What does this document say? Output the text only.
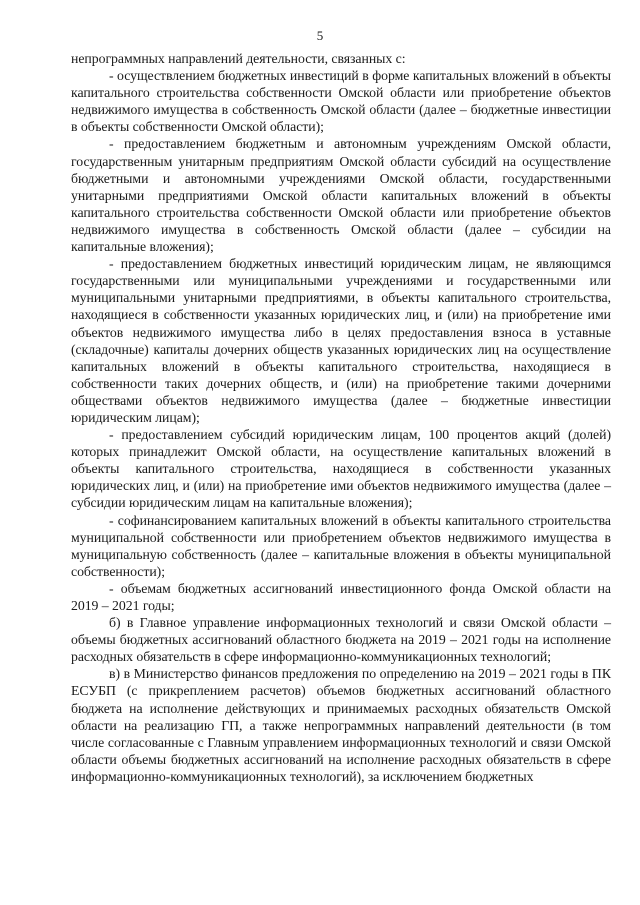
5

непрограммных направлений деятельности, связанных с:

- осуществлением бюджетных инвестиций в форме капитальных вложений в объекты капитального строительства собственности Омской области или приобретение объектов недвижимого имущества в собственность Омской области (далее – бюджетные инвестиции в объекты собственности Омской области);

- предоставлением бюджетным и автономным учреждениям Омской области, государственным унитарным предприятиям Омской области субсидий на осуществление бюджетными и автономными учреждениями Омской области, государственными унитарными предприятиями Омской области капитальных вложений в объекты капитального строительства собственности Омской области или приобретение объектов недвижимого имущества в собственность Омской области (далее – субсидии на капитальные вложения);

- предоставлением бюджетных инвестиций юридическим лицам, не являющимся государственными или муниципальными учреждениями и государственными или муниципальными унитарными предприятиями, в объекты капитального строительства, находящиеся в собственности указанных юридических лиц, и (или) на приобретение ими объектов недвижимого имущества либо в целях предоставления взноса в уставные (складочные) капиталы дочерних обществ указанных юридических лиц на осуществление капитальных вложений в объекты капитального строительства, находящиеся в собственности таких дочерних обществ, и (или) на приобретение такими дочерними обществами объектов недвижимого имущества (далее – бюджетные инвестиции юридическим лицам);

- предоставлением субсидий юридическим лицам, 100 процентов акций (долей) которых принадлежит Омской области, на осуществление капитальных вложений в объекты капитального строительства, находящиеся в собственности указанных юридических лиц, и (или) на приобретение ими объектов недвижимого имущества (далее – субсидии юридическим лицам на капитальные вложения);

- софинансированием капитальных вложений в объекты капитального строительства муниципальной собственности или приобретением объектов недвижимого имущества в муниципальную собственность (далее – капитальные вложения в объекты муниципальной собственности);

- объемам бюджетных ассигнований инвестиционного фонда Омской области на 2019 – 2021 годы;

б) в Главное управление информационных технологий и связи Омской области – объемы бюджетных ассигнований областного бюджета на 2019 – 2021 годы на исполнение расходных обязательств в сфере информационно-коммуникационных технологий;

в) в Министерство финансов предложения по определению на 2019 – 2021 годы в ПК ЕСУБП (с прикреплением расчетов) объемов бюджетных ассигнований областного бюджета на исполнение действующих и принимаемых расходных обязательств Омской области на реализацию ГП, а также непрограммных направлений деятельности (в том числе согласованные с Главным управлением информационных технологий и связи Омской области объемы бюджетных ассигнований на исполнение расходных обязательств в сфере информационно-коммуникационных технологий), за исключением бюджетных
